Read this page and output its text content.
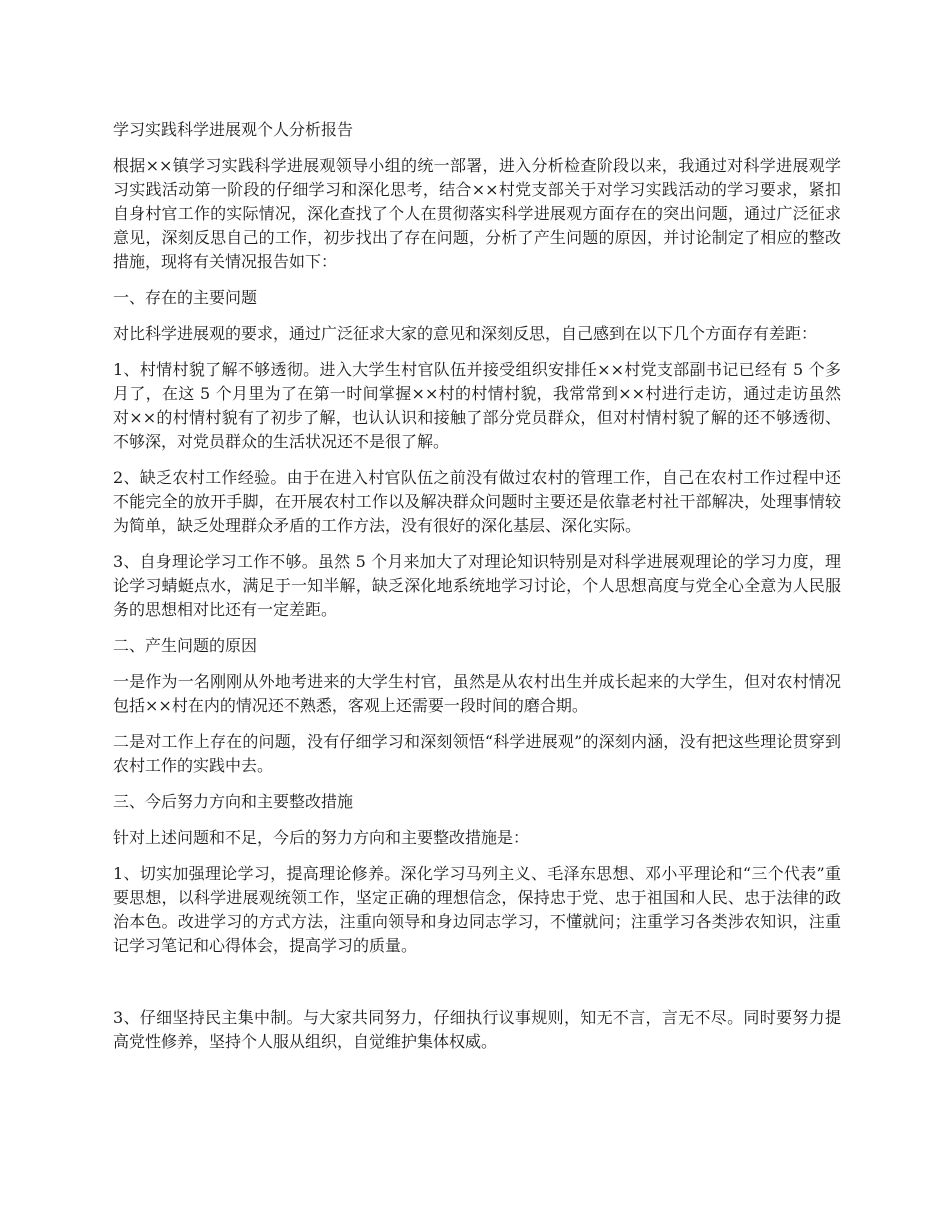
学习实践科学进展观个人分析报告
根据××镇学习实践科学进展观领导小组的统一部署，进入分析检查阶段以来，我通过对科学进展观学习实践活动第一阶段的仔细学习和深化思考，结合××村党支部关于对学习实践活动的学习要求，紧扣自身村官工作的实际情况，深化查找了个人在贯彻落实科学进展观方面存在的突出问题，通过广泛征求意见，深刻反思自己的工作，初步找出了存在问题，分析了产生问题的原因，并讨论制定了相应的整改措施，现将有关情况报告如下：
一、存在的主要问题
对比科学进展观的要求，通过广泛征求大家的意见和深刻反思，自己感到在以下几个方面存有差距：
1、村情村貌了解不够透彻。进入大学生村官队伍并接受组织安排任××村党支部副书记已经有 5 个多月了，在这 5 个月里为了在第一时间掌握××村的村情村貌，我常常到××村进行走访，通过走访虽然对××的村情村貌有了初步了解，也认认识和接触了部分党员群众，但对村情村貌了解的还不够透彻、不够深，对党员群众的生活状况还不是很了解。
2、缺乏农村工作经验。由于在进入村官队伍之前没有做过农村的管理工作，自己在农村工作过程中还不能完全的放开手脚，在开展农村工作以及解决群众问题时主要还是依靠老村社干部解决，处理事情较为简单，缺乏处理群众矛盾的工作方法，没有很好的深化基层、深化实际。
3、自身理论学习工作不够。虽然 5 个月来加大了对理论知识特别是对科学进展观理论的学习力度，理论学习蜻蜓点水，满足于一知半解，缺乏深化地系统地学习讨论，个人思想高度与党全心全意为人民服务的思想相对比还有一定差距。
二、产生问题的原因
一是作为一名刚刚从外地考进来的大学生村官，虽然是从农村出生并成长起来的大学生，但对农村情况包括××村在内的情况还不熟悉，客观上还需要一段时间的磨合期。
二是对工作上存在的问题，没有仔细学习和深刻领悟“科学进展观”的深刻内涵，没有把这些理论贯穿到农村工作的实践中去。
三、今后努力方向和主要整改措施
针对上述问题和不足，今后的努力方向和主要整改措施是：
1、切实加强理论学习，提高理论修养。深化学习马列主义、毛泽东思想、邓小平理论和“三个代表”重要思想，以科学进展观统领工作，坚定正确的理想信念，保持忠于党、忠于祖国和人民、忠于法律的政治本色。改进学习的方式方法，注重向领导和身边同志学习，不懂就问；注重学习各类涉农知识，注重记学习笔记和心得体会，提高学习的质量。
3、仔细坚持民主集中制。与大家共同努力，仔细执行议事规则，知无不言，言无不尽。同时要努力提高党性修养，坚持个人服从组织，自觉维护集体权威。
